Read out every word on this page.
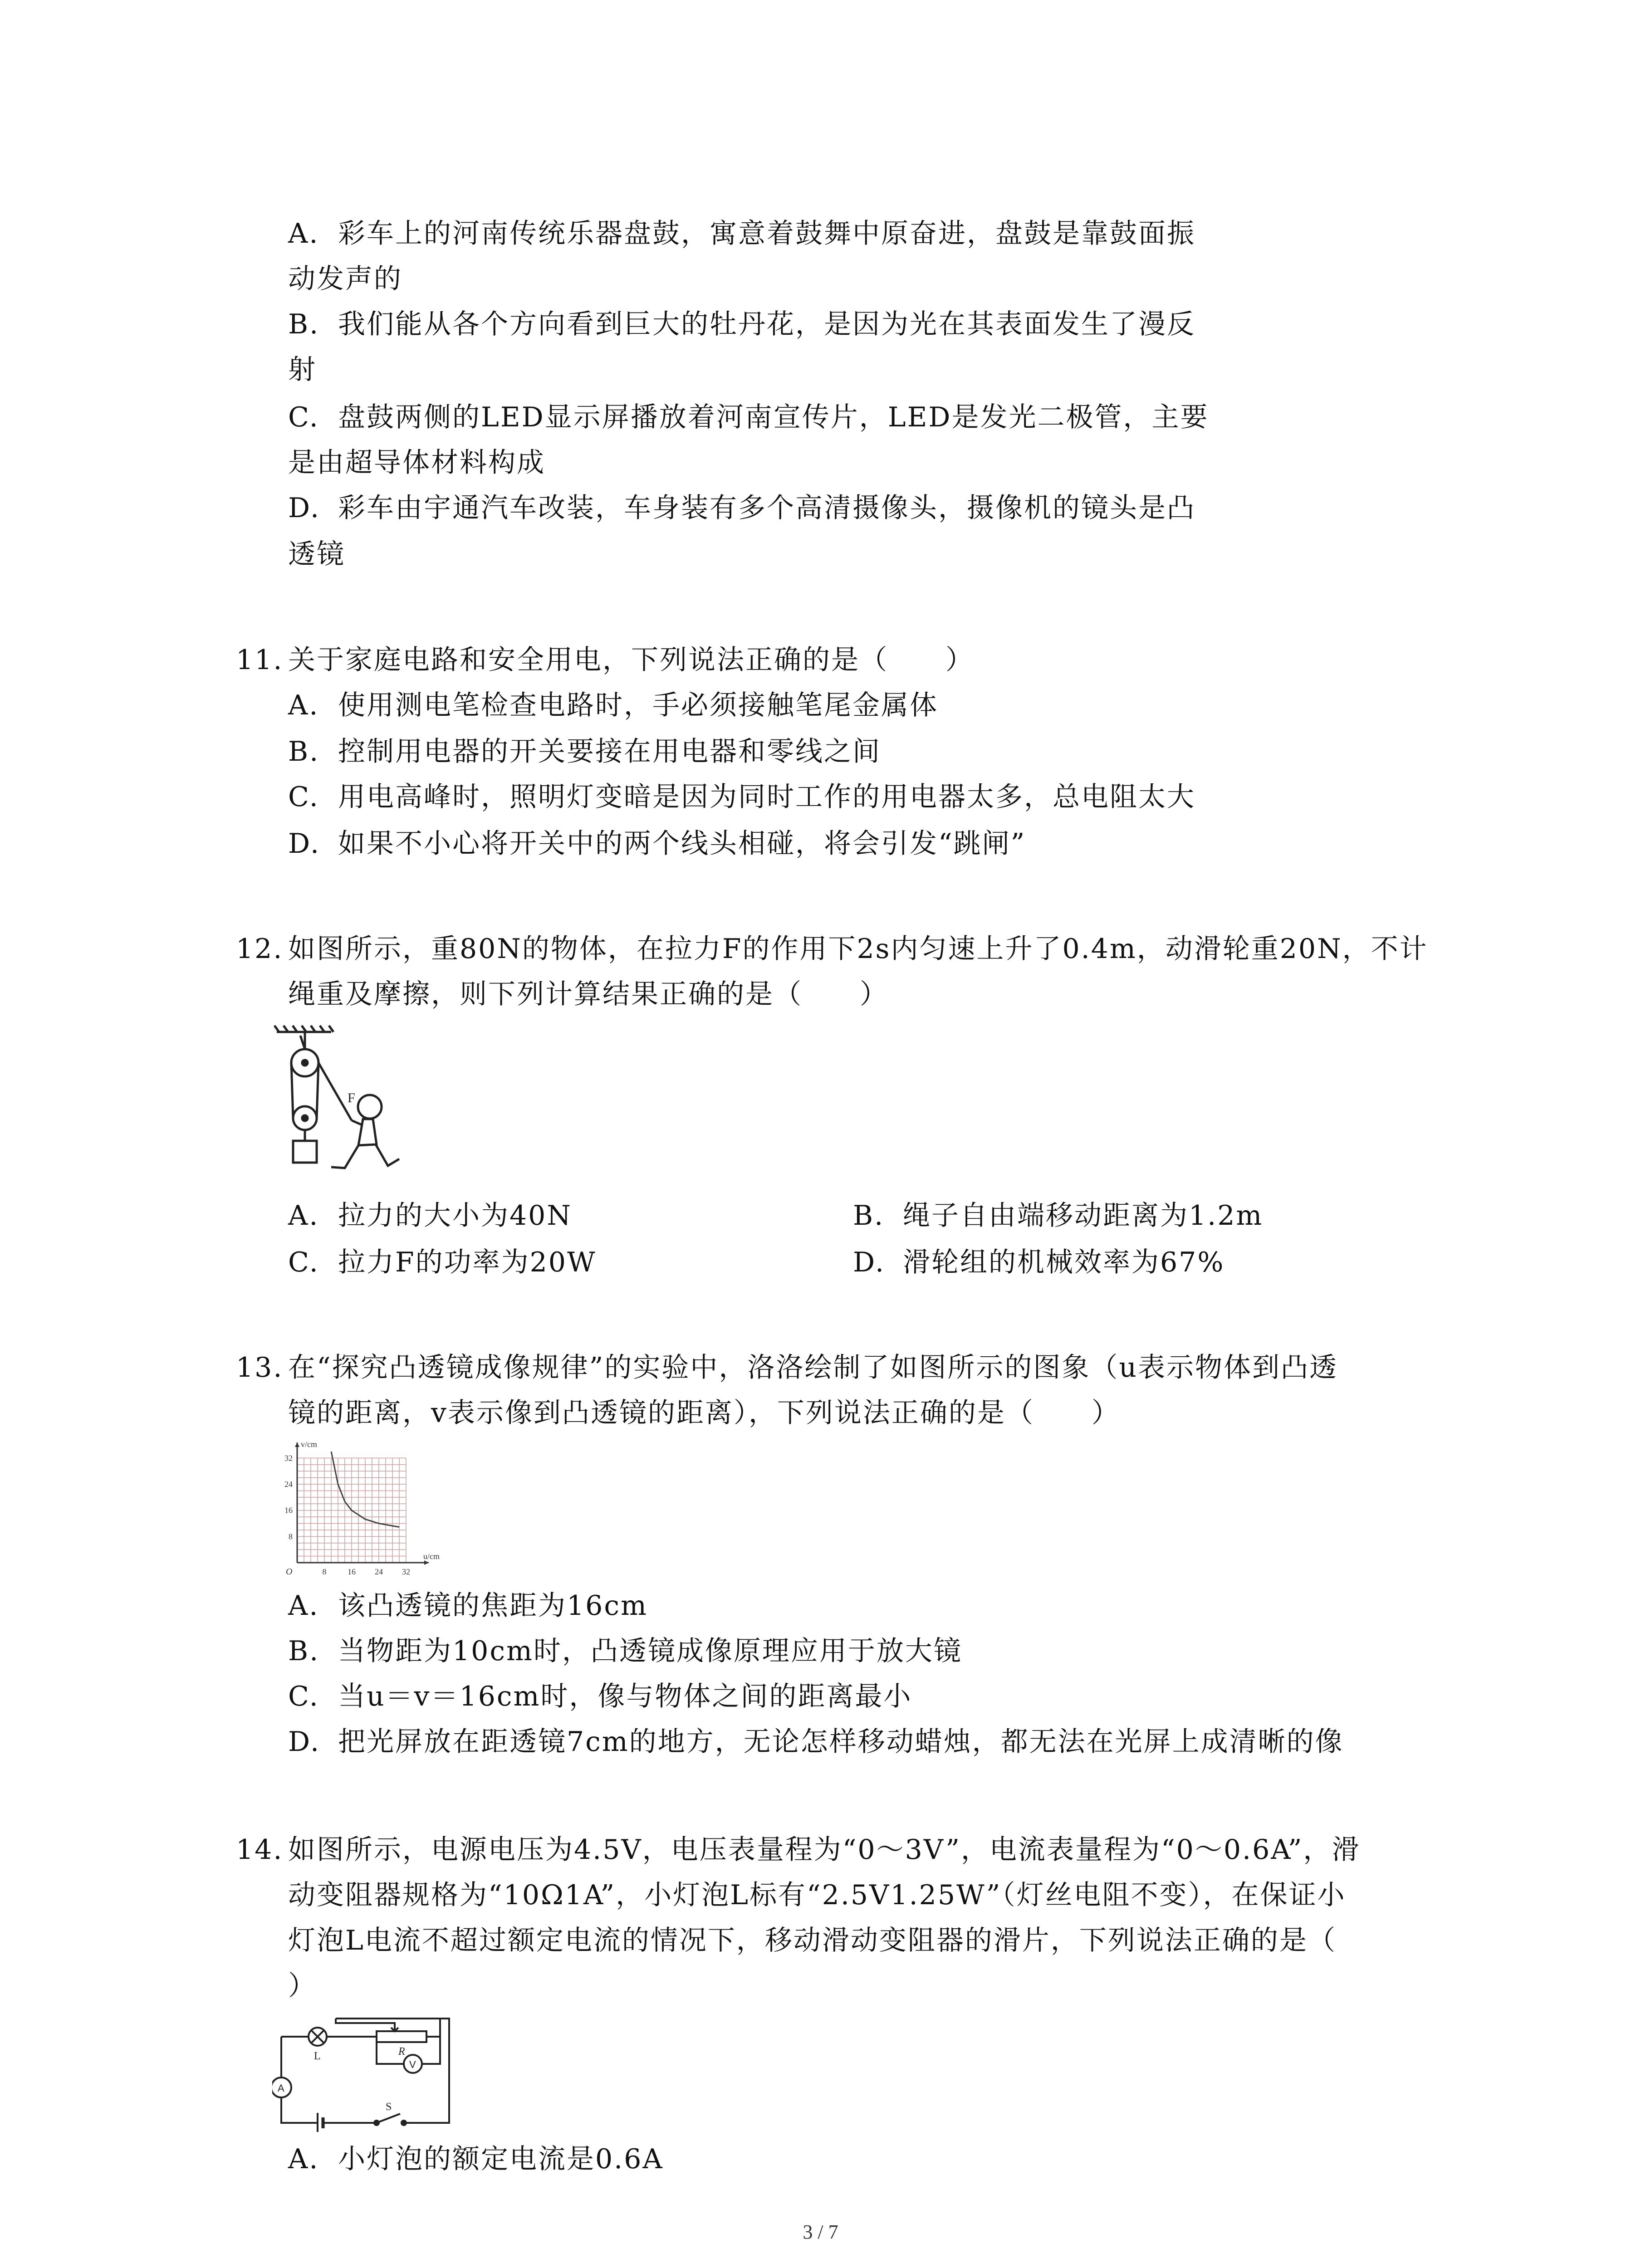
A. 彩车上的河南传统乐器盘鼓，寓意着鼓舞中原奋进，盘鼓是靠鼓面振
动发声的
B. 我们能从各个方向看到巨大的牡丹花，是因为光在其表面发生了漫反
射
C. 盘鼓两侧的LED显示屏播放着河南宣传片，LED是发光二极管，主要
是由超导体材料构成
D. 彩车由宇通汽车改装，车身装有多个高清摄像头，摄像机的镜头是凸
透镜
11. 关于家庭电路和安全用电，下列说法正确的是（　　）
A. 使用测电笔检查电路时，手必须接触笔尾金属体
B. 控制用电器的开关要接在用电器和零线之间
C. 用电高峰时，照明灯变暗是因为同时工作的用电器太多，总电阻太大
D. 如果不小心将开关中的两个线头相碰，将会引发“跳闸”
12. 如图所示，重80N的物体，在拉力F的作用下2s内匀速上升了0.4m，动滑轮重20N，不计
绳重及摩擦，则下列计算结果正确的是（　　）
F
A. 拉力的大小为40N	B. 绳子自由端移动距离为1.2m
C. 拉力F的功率为20W	D. 滑轮组的机械效率为67%
13. 在“探究凸透镜成像规律”的实验中，洛洛绘制了如图所示的图象（u表示物体到凸透
镜的距离，v表示像到凸透镜的距离），下列说法正确的是（　　）
8	16 24 32
8
16
24
32
v/cm
u/cm
O
A. 该凸透镜的焦距为16cm
B. 当物距为10cm时，凸透镜成像原理应用于放大镜
C. 当u＝v＝16cm时，像与物体之间的距离最小
D. 把光屏放在距透镜7cm的地方，无论怎样移动蜡烛，都无法在光屏上成清晰的像
14. 如图所示，电源电压为4.5V，电压表量程为“0～3V”，电流表量程为“0～0.6A”，滑
动变阻器规格为“10Ω1A”，小灯泡L标有“2.5V1.25W”（灯丝电阻不变），在保证小
灯泡L电流不超过额定电流的情况下，移动滑动变阻器的滑片，下列说法正确的是（
）
L	R
A
V
S
A. 小灯泡的额定电流是0.6A
3 / 7
